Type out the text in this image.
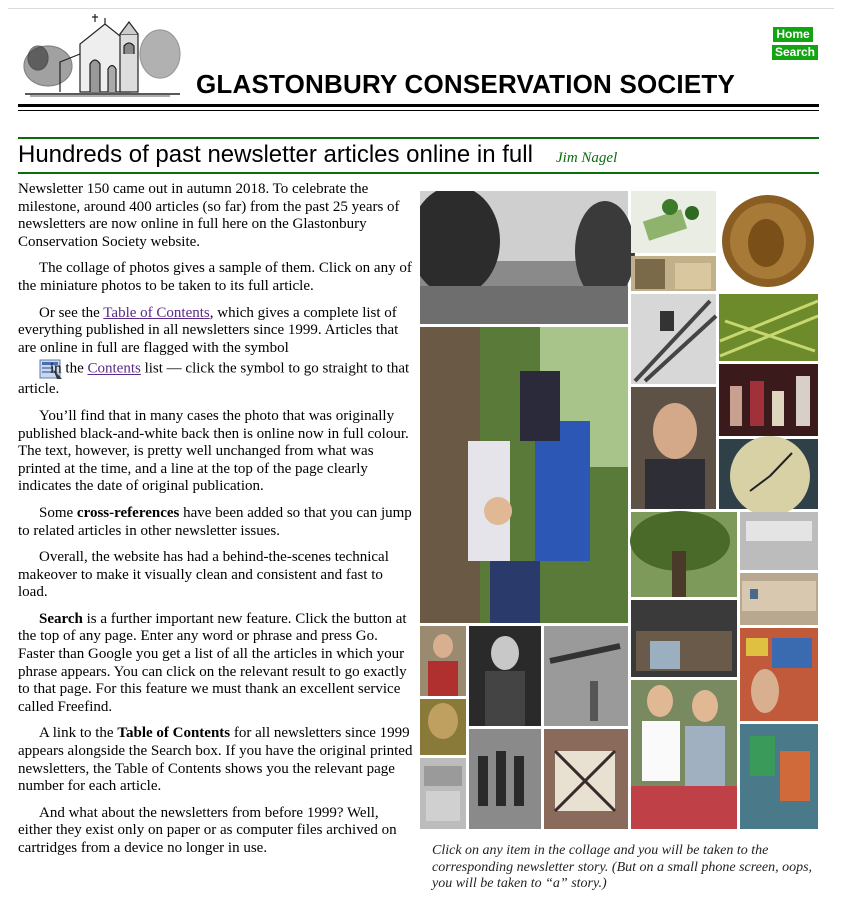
GLASTONBURY CONSERVATION SOCIETY
Home
Search
Hundreds of past newsletter articles online in full Jim Nagel

Newsletter 150 came out in autumn 2018. To celebrate the milestone, around 400 articles (so far) from the past 25 years of newsletters are now online in full here on the Glastonbury Conservation Society website.

The collage of photos gives a sample of them. Click on any of the miniature photos to be taken to its full article.

Or see the Table of Contents, which gives a complete list of everything published in all newsletters since 1999. Articles that are online in full are flagged with the symbol
in the Contents list — click the symbol to go straight to that article.

You’ll find that in many cases the photo that was originally published black-and-white back then is online now in full colour. The text, however, is pretty well unchanged from what was printed at the time, and a line at the top of the page clearly indicates the date of original publication.

Some cross-references have been added so that you can jump to related articles in other newsletter issues.

Overall, the website has had a behind-the-scenes technical makeover to make it visually clean and consistent and fast to load.

Search is a further important new feature. Click the button at the top of any page. Enter any word or phrase and press Go. Faster than Google you get a list of all the articles in which your phrase appears. You can click on the relevant result to go exactly to that page. For this feature we must thank an excellent service called Freefind.

A link to the Table of Contents for all newsletters since 1999 appears alongside the Search box. If you have the original printed newsletters, the Table of Contents shows you the relevant page number for each article.

And what about the newsletters from before 1999? Well, either they exist only on paper or as computer files archived on cartridges from a device no longer in use.	Click on any item in the collage and you will be taken to the corresponding newsletter story. (But on a small phone screen, oops, you will be taken to “a” story.)
